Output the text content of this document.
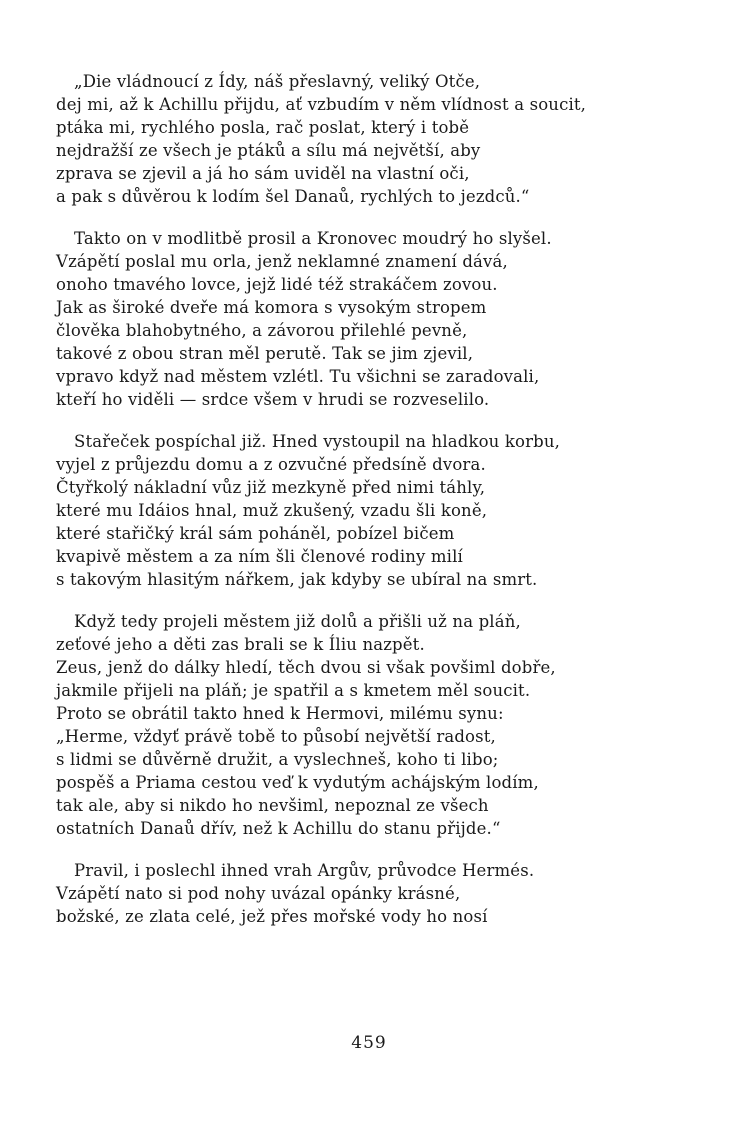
„Die vládnoucí z Ídy, náš přeslavný, veliký Otče,
dej mi, až k Achillu přijdu, ať vzbudím v něm vlídnost a soucit,
ptáka mi, rychlého posla, rač poslat, který i tobě
nejdražší ze všech je ptáků a sílu má největší, aby
zprava se zjevil a já ho sám uviděl na vlastní oči,
a pak s důvěrou k lodím šel Danaů, rychlých to jezdců.“
Takto on v modlitbě prosil a Kronovec moudrý ho slyšel.
Vzápětí poslal mu orla, jenž neklamné znamení dává,
onoho tmavého lovce, jejž lidé též strakáčem zovou.
Jak as široké dveře má komora s vysokým stropem
člověka blahobytného, a závorou přilehlé pevně,
takové z obou stran měl perutě. Tak se jim zjevil,
vpravo když nad městem vzlétl. Tu všichni se zaradovali,
kteří ho viděli — srdce všem v hrudi se rozveselilo.
Stařeček pospíchal již. Hned vystoupil na hladkou korbu,
vyjel z průjezdu domu a z ozvučné předsíně dvora.
Čtyřkolý nákladní vůz již mezkyně před nimi táhly,
které mu Idáios hnal, muž zkušený, vzadu šli koně,
které stařičký král sám poháněl, pobízel bičem
kvapivě městem a za ním šli členové rodiny milí
s takovým hlasitým nářkem, jak kdyby se ubíral na smrt.
Když tedy projeli městem již dolů a přišli už na pláň,
zeťové jeho a děti zas brali se k Íliu nazpět.
Zeus, jenž do dálky hledí, těch dvou si však povšiml dobře,
jakmile přijeli na pláň; je spatřil a s kmetem měl soucit.
Proto se obrátil takto hned k Hermovi, milému synu:
„Herme, vždyť právě tobě to působí největší radost,
s lidmi se důvěrně družit, a vyslechneš, koho ti libo;
pospěš a Priama cestou veď k vydutým achájským lodím,
tak ale, aby si nikdo ho nevšiml, nepoznal ze všech
ostatních Danaů dřív, než k Achillu do stanu přijde.“
Pravil, i poslechl ihned vrah Argův, průvodce Hermés.
Vzápětí nato si pod nohy uvázal opánky krásné,
božské, ze zlata celé, jež přes mořské vody ho nosí
459
